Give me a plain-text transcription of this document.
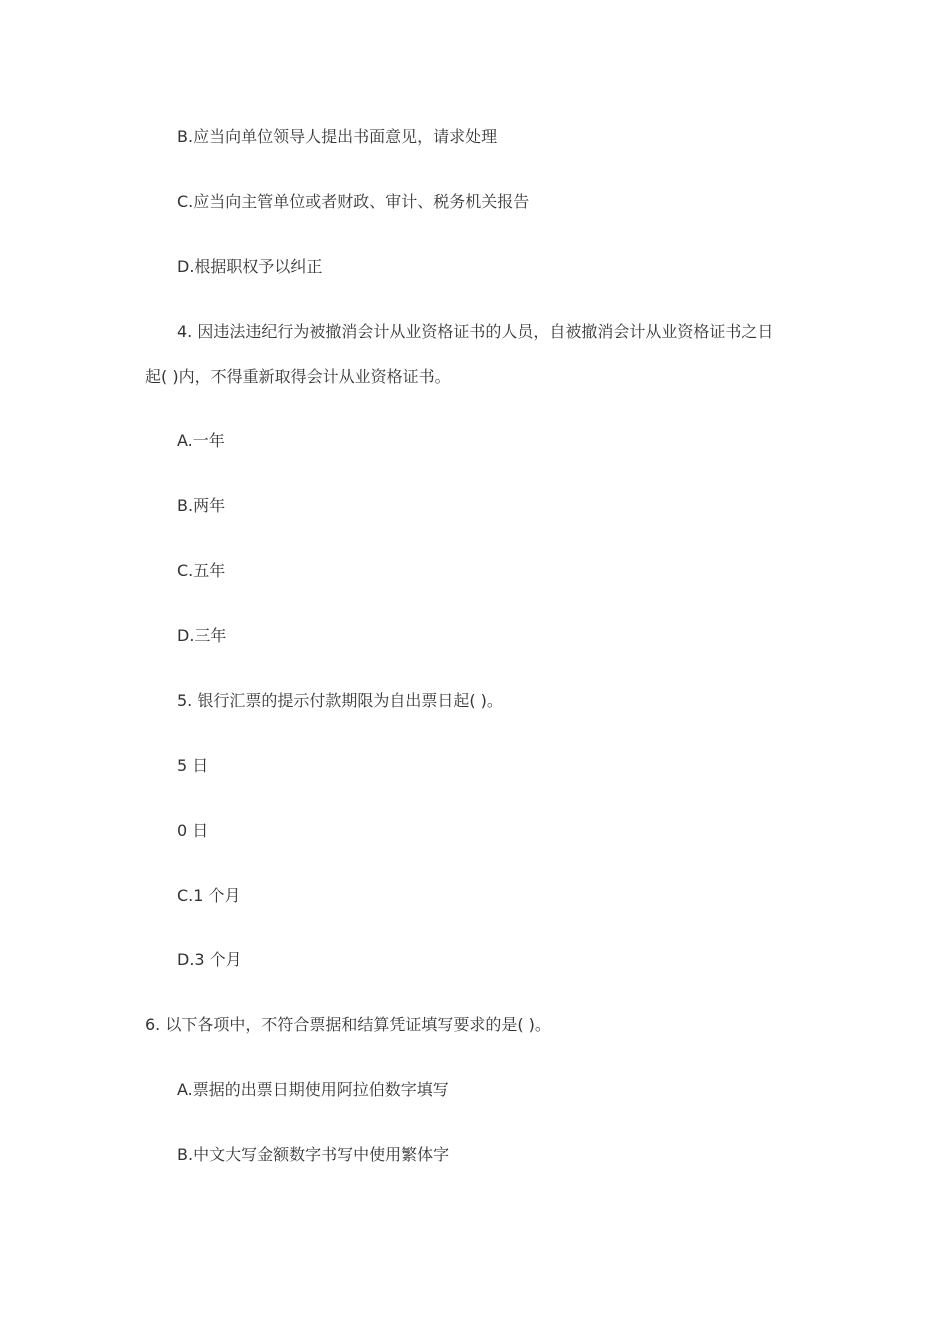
B.应当向单位领导人提出书面意见，请求处理

C.应当向主管单位或者财政、审计、税务机关报告

D.根据职权予以纠正

4. 因违法违纪行为被撤消会计从业资格证书的人员，自被撤消会计从业资格证书之日

起( )内，不得重新取得会计从业资格证书。

A.一年

B.两年

C.五年

D.三年

5. 银行汇票的提示付款期限为自出票日起( )。

5 日

0 日

C.1 个月

D.3 个月

6. 以下各项中，不符合票据和结算凭证填写要求的是( )。

A.票据的出票日期使用阿拉伯数字填写

B.中文大写金额数字书写中使用繁体字
